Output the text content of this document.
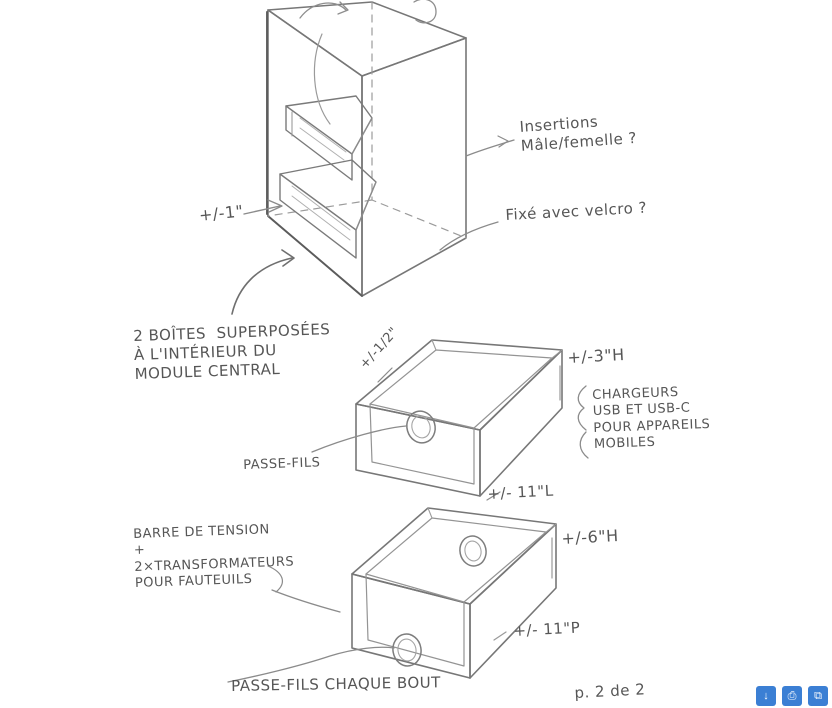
Insertions
Mâle/femelle ?
Fixé avec velcro ?
+/-1"
2 BOÎTES  SUPERPOSÉES
À L'INTÉRIEUR DU
MODULE CENTRAL
+/-3"H
CHARGEURS
USB ET USB-C
POUR APPAREILS
MOBILES
PASSE-FILS
+/- 11"L
+/-1/2"
BARRE DE TENSION
+
2×TRANSFORMATEURS
POUR FAUTEUILS
+/-6"H
+/- 11"P
PASSE-FILS CHAQUE BOUT	p. 2 de 2	↓	⎙	⧉
